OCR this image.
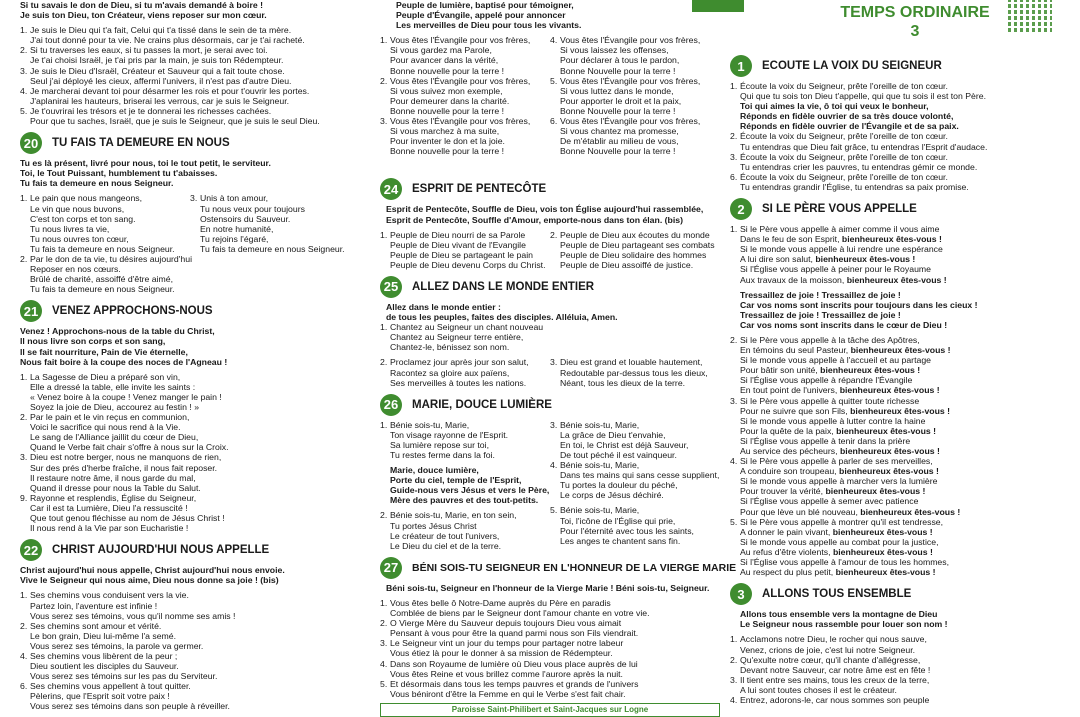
Si tu savais le don de Dieu, si tu m'avais demandé à boire !
Je suis ton Dieu, ton Créateur, viens reposer sur mon cœur.
1. Je suis le Dieu qui t'a fait, Celui qui t'a tissé dans le sein de ta mère.
J'ai tout donné pour ta vie. Ne crains plus désormais, car je t'ai racheté.
2. Si tu traverses les eaux, si tu passes la mort, je serai avec toi.
Je t'ai choisi Israël, je t'ai pris par la main, je suis ton Rédempteur.
3. Je suis le Dieu d'Israël, Créateur et Sauveur qui a fait toute chose.
Seul j'ai déployé les cieux, affermi l'univers, il n'est pas d'autre Dieu.
4. Je marcherai devant toi pour désarmer les rois et pour t'ouvrir les portes.
J'aplanirai les hauteurs, briserai les verrous, car je suis le Seigneur.
5. Je t'ouvrirai les trésors et je te donnerai les richesses cachées.
Pour que tu saches, Israël, que je suis le Seigneur, que je suis le seul Dieu.
20	TU FAIS TA DEMEURE EN NOUS
Tu es là présent, livré pour nous, toi le tout petit, le serviteur.
Toi, le Tout Puissant, humblement tu t'abaisses.
Tu fais ta demeure en nous Seigneur.
1. Le pain que nous mangeons,
Le vin que nous buvons,
C'est ton corps et ton sang.
Tu nous livres ta vie,
Tu nous ouvres ton cœur,
Tu fais ta demeure en nous Seigneur.
3. Unis à ton amour,
Tu nous veux pour toujours
Ostensoirs du Sauveur.
En notre humanité,
Tu rejoins l'égaré,
Tu fais ta demeure en nous Seigneur.
2. Par le don de ta vie, tu désires aujourd'hui
Reposer en nos cœurs.
Brûlé de charité, assoiffé d'être aimé,
Tu fais ta demeure en nous Seigneur.
21	VENEZ APPROCHONS-NOUS
Venez ! Approchons-nous de la table du Christ,
Il nous livre son corps et son sang,
Il se fait nourriture, Pain de Vie éternelle,
Nous fait boire à la coupe des noces de l'Agneau !
1. La Sagesse de Dieu a préparé son vin,
Elle a dressé la table, elle invite les saints :
« Venez boire à la coupe ! Venez manger le pain !
Soyez la joie de Dieu, accourez au festin ! »
2. Par le pain et le vin reçus en communion,
Voici le sacrifice qui nous rend à la Vie.
Le sang de l'Alliance jaillit du cœur de Dieu,
Quand le Verbe fait chair s'offre à nous sur la Croix.
3. Dieu est notre berger, nous ne manquons de rien,
Sur des prés d'herbe fraîche, il nous fait reposer.
Il restaure notre âme, il nous garde du mal,
Quand il dresse pour nous la Table du Salut.
9. Rayonne et resplendis, Église du Seigneur,
Car il est ta Lumière, Dieu l'a ressuscité !
Que tout genou fléchisse au nom de Jésus Christ !
Il nous rend à la Vie par son Eucharistie !
22	CHRIST AUJOURD'HUI NOUS APPELLE
Christ aujourd'hui nous appelle, Christ aujourd'hui nous envoie.
Vive le Seigneur qui nous aime, Dieu nous donne sa joie ! (bis)
1. Ses chemins vous conduisent vers la vie.
Partez loin, l'aventure est infinie !
Vous serez ses témoins, vous qu'il nomme ses amis !
2. Ses chemins sont amour et vérité.
Le bon grain, Dieu lui-même l'a semé.
Vous serez ses témoins, la parole va germer.
4. Ses chemins vous libèrent de la peur ;
Dieu soutient les disciples du Sauveur.
Vous serez ses témoins sur les pas du Serviteur.
6. Ses chemins vous appellent à tout quitter.
Pèlerins, que l'Esprit soit votre paix !
Vous serez ses témoins dans son peuple à réveiller.
Peuple de lumière, baptisé pour témoigner,
Peuple d'Évangile, appelé pour annoncer
Les merveilles de Dieu pour tous les vivants.
1. Vous êtes l'Évangile pour vos frères,
Si vous gardez ma Parole,
Pour avancer dans la vérité,
Bonne nouvelle pour la terre !
2. Vous êtes l'Évangile pour vos frères,
Si vous suivez mon exemple,
Pour demeurer dans la charité.
Bonne nouvelle pour la terre !
3. Vous êtes l'Évangile pour vos frères,
Si vous marchez à ma suite,
Pour inventer le don et la joie.
Bonne nouvelle pour la terre !
4. Vous êtes l'Évangile pour vos frères,
Si vous laissez les offenses,
Pour déclarer à tous le pardon,
Bonne Nouvelle pour la terre !
5. Vous êtes l'Évangile pour vos frères,
Si vous luttez dans le monde,
Pour apporter le droit et la paix,
Bonne Nouvelle pour la terre !
6. Vous êtes l'Évangile pour vos frères,
Si vous chantez ma promesse,
De m'établir au milieu de vous,
Bonne Nouvelle pour la terre !
24	ESPRIT DE PENTECÔTE
Esprit de Pentecôte, Souffle de Dieu, vois ton Église aujourd'hui rassemblée,
Esprit de Pentecôte, Souffle d'Amour, emporte-nous dans ton élan. (bis)
1. Peuple de Dieu nourri de sa Parole
Peuple de Dieu vivant de l'Evangile
Peuple de Dieu se partageant le pain
Peuple de Dieu devenu Corps du Christ.
2. Peuple de Dieu aux écoutes du monde
Peuple de Dieu partageant ses combats
Peuple de Dieu solidaire des hommes
Peuple de Dieu assoiffé de justice.
25	ALLEZ DANS LE MONDE ENTIER
Allez dans le monde entier :
de tous les peuples, faites des disciples. Alléluia, Amen.
1. Chantez au Seigneur un chant nouveau
Chantez au Seigneur terre entière,
Chantez-le, bénissez son nom.
2. Proclamez jour après jour son salut,
Racontez sa gloire aux païens,
Ses merveilles à toutes les nations.
3. Dieu est grand et louable hautement,
Redoutable par-dessus tous les dieux,
Néant, tous les dieux de la terre.
26	MARIE, DOUCE LUMIÈRE
1. Bénie sois-tu, Marie,
Ton visage rayonne de l'Esprit.
Sa lumière repose sur toi,
Tu restes ferme dans la foi.
Marie, douce lumière,
Porte du ciel, temple de l'Esprit,
Guide-nous vers Jésus et vers le Père,
Mère des pauvres et des tout-petits.
2. Bénie sois-tu, Marie, en ton sein,
Tu portes Jésus Christ
Le créateur de tout l'univers,
Le Dieu du ciel et de la terre.
3. Bénie sois-tu, Marie,
La grâce de Dieu t'envahie,
En toi, le Christ est déjà Sauveur,
De tout péché il est vainqueur.
4. Bénie sois-tu, Marie,
Dans tes mains qui sans cesse supplient,
Tu portes la douleur du péché,
Le corps de Jésus déchiré.
5. Bénie sois-tu, Marie,
Toi, l'icône de l'Église qui prie,
Pour l'éternité avec tous les saints,
Les anges te chantent sans fin.
27	BÉNI SOIS-TU SEIGNEUR EN L'HONNEUR DE LA VIERGE MARIE
Béni sois-tu, Seigneur en l'honneur de la Vierge Marie ! Béni sois-tu, Seigneur.
1. Vous êtes belle ô Notre-Dame auprès du Père en paradis
Comblée de biens par le Seigneur dont l'amour chante en votre vie.
2. O Vierge Mère du Sauveur depuis toujours Dieu vous aimait
Pensant à vous pour être la quand parmi nous son Fils viendrait.
3. Le Seigneur vint un jour du temps pour partager notre labeur
Vous étiez là pour le donner à sa mission de Rédempteur.
4. Dans son Royaume de lumière où Dieu vous place auprès de lui
Vous êtes Reine et vous brillez comme l'aurore après la nuit.
5. Et désormais dans tous les temps pauvres et grands de l'univers
Vous béniront d'être la Femme en qui le Verbe s'est fait chair.
Paroisse Saint-Philibert et Saint-Jacques sur Logne
TEMPS ORDINAIRE
3
1	ECOUTE LA VOIX DU SEIGNEUR
1. Écoute la voix du Seigneur, prête l'oreille de ton cœur.
Qui que tu sois ton Dieu t'appelle, qui que tu sois il est ton Père.
Toi qui aimes la vie, ô toi qui veux le bonheur,
Réponds en fidèle ouvrier de sa très douce volonté,
Réponds en fidèle ouvrier de l'Évangile et de sa paix.
2. Écoute la voix du Seigneur, prête l'oreille de ton cœur.
Tu entendras que Dieu fait grâce, tu entendras l'Esprit d'audace.
3. Écoute la voix du Seigneur, prête l'oreille de ton cœur.
Tu entendras crier les pauvres, tu entendras gémir ce monde.
6. Écoute la voix du Seigneur, prête l'oreille de ton cœur.
Tu entendras grandir l'Église, tu entendras sa paix promise.
2	SI LE PÈRE VOUS APPELLE
1. Si le Père vous appelle à aimer comme il vous aime
Dans le feu de son Esprit, bienheureux êtes-vous !
Si le monde vous appelle à lui rendre une espérance
A lui dire son salut, bienheureux êtes-vous !
Si l'Église vous appelle à peiner pour le Royaume
Aux travaux de la moisson, bienheureux êtes-vous !
Tressaillez de joie ! Tressaillez de joie !
Car vos noms sont inscrits pour toujours dans les cieux !
Tressaillez de joie ! Tressaillez de joie !
Car vos noms sont inscrits dans le cœur de Dieu !
2. Si le Père vous appelle à la tâche des Apôtres,
En témoins du seul Pasteur, bienheureux êtes-vous !
Si le monde vous appelle à l'accueil et au partage
Pour bâtir son unité, bienheureux êtes-vous !
Si l'Église vous appelle à répandre l'Évangile
En tout point de l'univers, bienheureux êtes-vous !
3. Si le Père vous appelle à quitter toute richesse
Pour ne suivre que son Fils, bienheureux êtes-vous !
Si le monde vous appelle à lutter contre la haine
Pour la quête de la paix, bienheureux êtes-vous !
Si l'Église vous appelle à tenir dans la prière
Au service des pécheurs, bienheureux êtes-vous !
4. Si le Père vous appelle à parler de ses merveilles,
A conduire son troupeau, bienheureux êtes-vous !
Si le monde vous appelle à marcher vers la lumière
Pour trouver la vérité, bienheureux êtes-vous !
Si l'Église vous appelle à semer avec patience
Pour que lève un blé nouveau, bienheureux êtes-vous !
5. Si le Père vous appelle à montrer qu'il est tendresse,
A donner le pain vivant, bienheureux êtes-vous !
Si le monde vous appelle au combat pour la justice,
Au refus d'être violents, bienheureux êtes-vous !
Si l'Église vous appelle à l'amour de tous les hommes,
Au respect du plus petit, bienheureux êtes-vous !
3	ALLONS TOUS ENSEMBLE
Allons tous ensemble vers la montagne de Dieu
Le Seigneur nous rassemble pour louer son nom !
1. Acclamons notre Dieu, le rocher qui nous sauve,
Venez, crions de joie, c'est lui notre Seigneur.
2. Qu'exulte notre cœur, qu'il chante d'allégresse,
Devant notre Sauveur, car notre âme est en fête !
3. Il tient entre ses mains, tous les creux de la terre,
A lui sont toutes choses il est le créateur.
4. Entrez, adorons-le, car nous sommes son peuple
